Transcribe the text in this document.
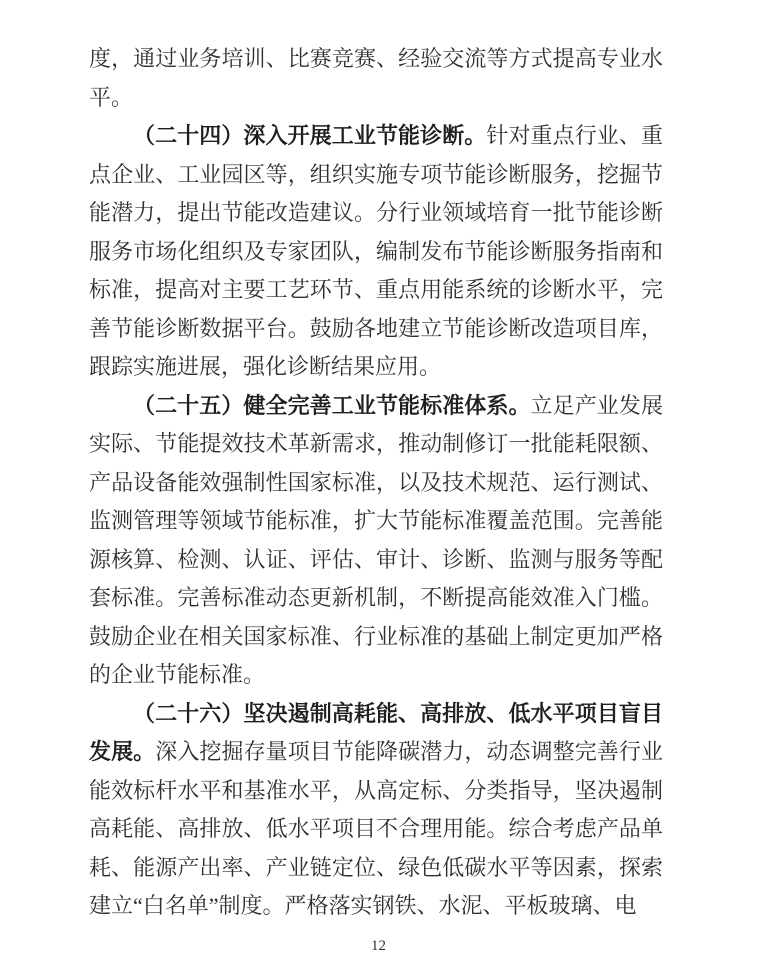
度，通过业务培训、比赛竞赛、经验交流等方式提高专业水平。

（二十四）深入开展工业节能诊断。针对重点行业、重点企业、工业园区等，组织实施专项节能诊断服务，挖掘节能潜力，提出节能改造建议。分行业领域培育一批节能诊断服务市场化组织及专家团队，编制发布节能诊断服务指南和标准，提高对主要工艺环节、重点用能系统的诊断水平，完善节能诊断数据平台。鼓励各地建立节能诊断改造项目库，跟踪实施进展，强化诊断结果应用。

（二十五）健全完善工业节能标准体系。立足产业发展实际、节能提效技术革新需求，推动制修订一批能耗限额、产品设备能效强制性国家标准，以及技术规范、运行测试、监测管理等领域节能标准，扩大节能标准覆盖范围。完善能源核算、检测、认证、评估、审计、诊断、监测与服务等配套标准。完善标准动态更新机制，不断提高能效准入门槛。鼓励企业在相关国家标准、行业标准的基础上制定更加严格的企业节能标准。

（二十六）坚决遏制高耗能、高排放、低水平项目盲目发展。深入挖掘存量项目节能降碳潜力，动态调整完善行业能效标杆水平和基准水平，从高定标、分类指导，坚决遏制高耗能、高排放、低水平项目不合理用能。综合考虑产品单耗、能源产出率、产业链定位、绿色低碳水平等因素，探索建立“白名单”制度。严格落实钢铁、水泥、平板玻璃、电

12
